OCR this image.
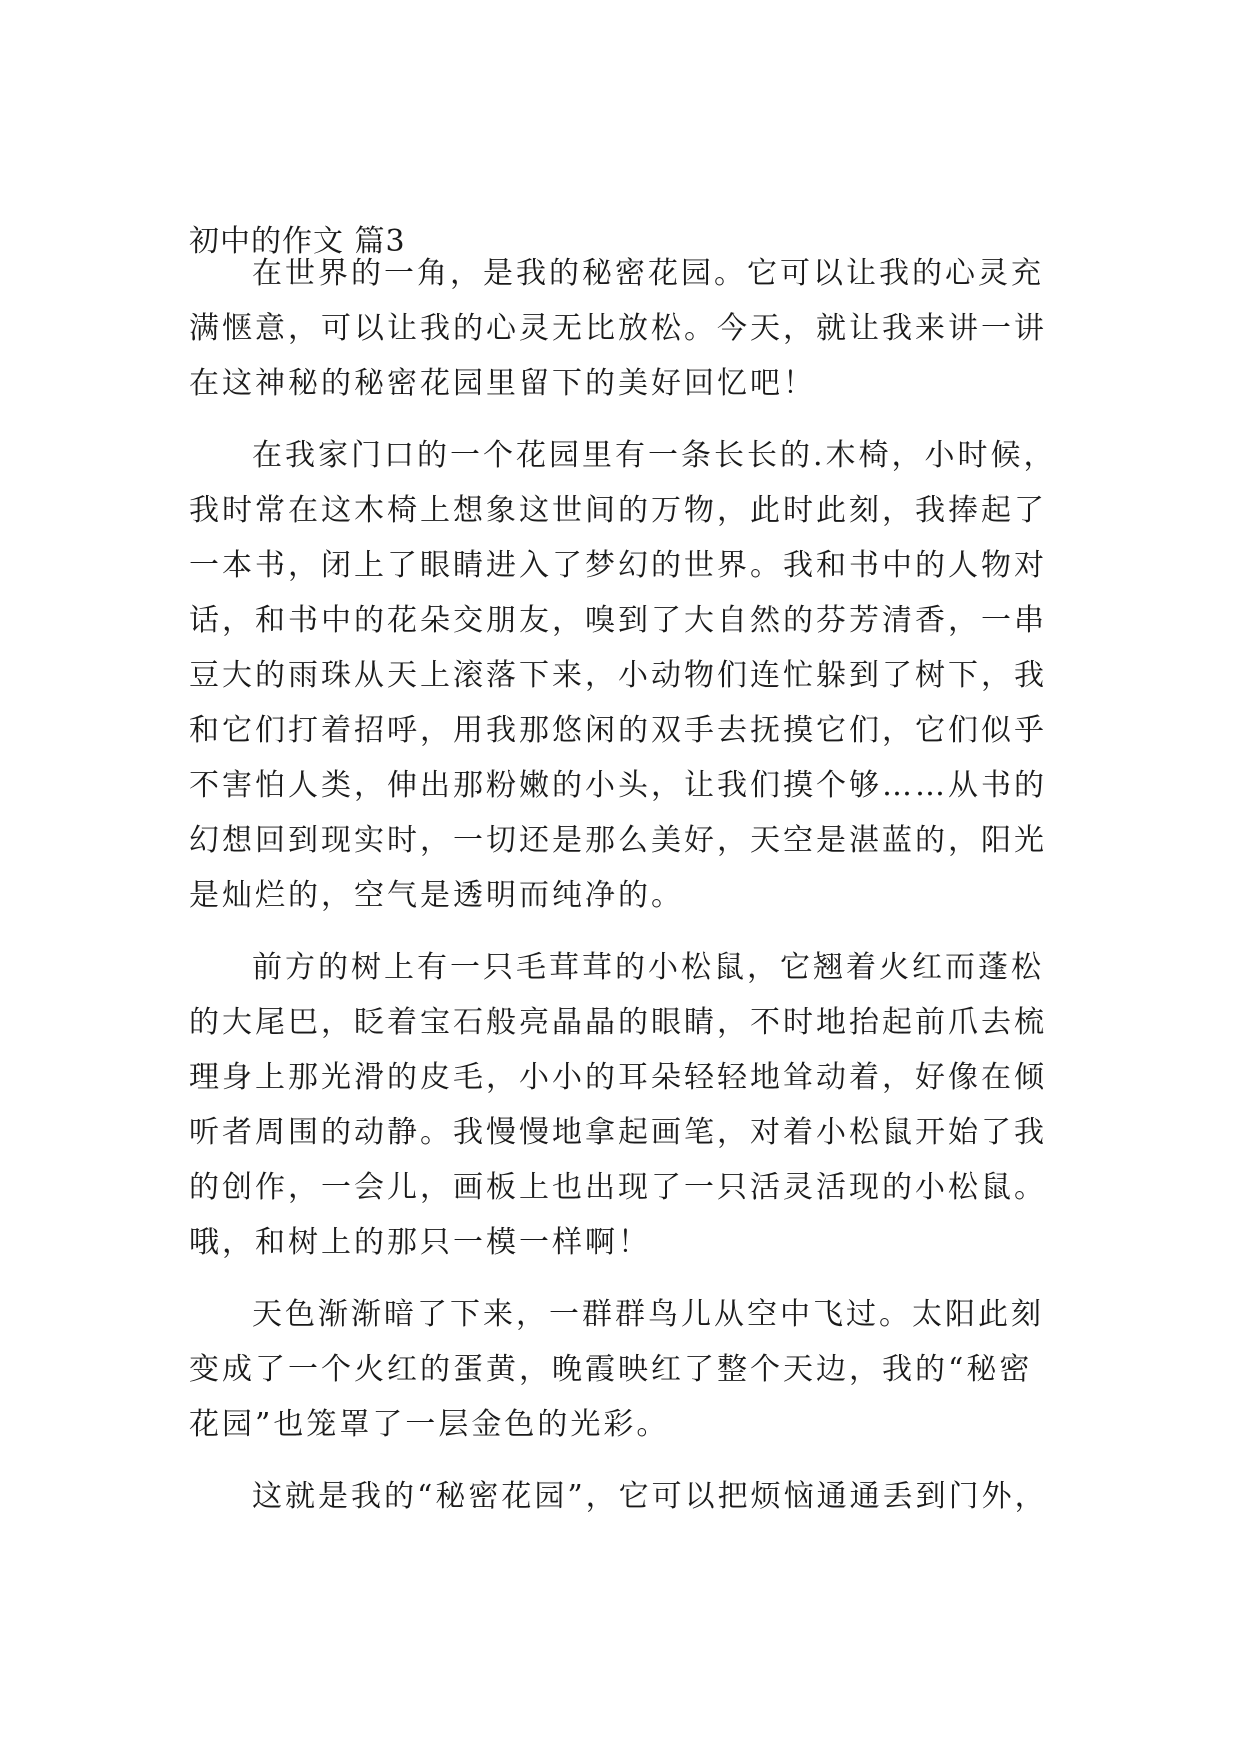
初中的作文 篇3
在世界的一角，是我的秘密花园。它可以让我的心灵充
满惬意，可以让我的心灵无比放松。今天，就让我来讲一讲
在这神秘的秘密花园里留下的美好回忆吧！
在我家门口的一个花园里有一条长长的.木椅，小时候，
我时常在这木椅上想象这世间的万物，此时此刻，我捧起了
一本书，闭上了眼睛进入了梦幻的世界。我和书中的人物对
话，和书中的花朵交朋友，嗅到了大自然的芬芳清香，一串
豆大的雨珠从天上滚落下来，小动物们连忙躲到了树下，我
和它们打着招呼，用我那悠闲的双手去抚摸它们，它们似乎
不害怕人类，伸出那粉嫩的小头，让我们摸个够……从书的
幻想回到现实时，一切还是那么美好，天空是湛蓝的，阳光
是灿烂的，空气是透明而纯净的。
前方的树上有一只毛茸茸的小松鼠，它翘着火红而蓬松
的大尾巴，眨着宝石般亮晶晶的眼睛，不时地抬起前爪去梳
理身上那光滑的皮毛，小小的耳朵轻轻地耸动着，好像在倾
听者周围的动静。我慢慢地拿起画笔，对着小松鼠开始了我
的创作，一会儿，画板上也出现了一只活灵活现的小松鼠。
哦，和树上的那只一模一样啊！
天色渐渐暗了下来，一群群鸟儿从空中飞过。太阳此刻
变成了一个火红的蛋黄，晚霞映红了整个天边，我的“秘密
花园”也笼罩了一层金色的光彩。
这就是我的“秘密花园”，它可以把烦恼通通丢到门外，
